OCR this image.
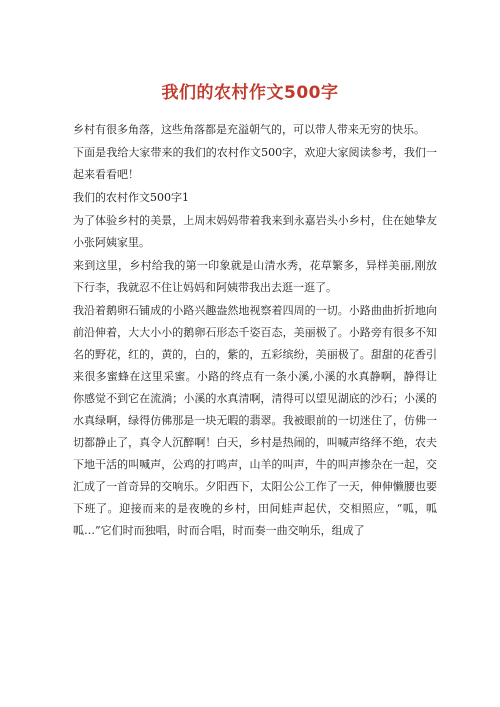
我们的农村作文500字

乡村有很多角落，这些角落都是充溢朝气的，可以带人带来无穷的快乐。

下面是我给大家带来的我们的农村作文500字，欢迎大家阅读参考，我们一起来看看吧！

我们的农村作文500字1

为了体验乡村的美景，上周末妈妈带着我来到永嘉岩头小乡村，住在她挚友小张阿姨家里。

来到这里，乡村给我的第一印象就是山清水秀，花草繁多，异样美丽,刚放下行李，我就忍不住让妈妈和阿姨带我出去逛一逛了。

我沿着鹅卵石铺成的小路兴趣盎然地视察着四周的一切。小路曲曲折折地向前沿伸着，大大小小的鹅卵石形态千姿百态，美丽极了。小路旁有很多不知名的野花，红的，黄的，白的，紫的，五彩缤纷，美丽极了。甜甜的花香引来很多蜜蜂在这里采蜜。小路的终点有一条小溪,小溪的水真静啊，静得让你感觉不到它在流淌；小溪的水真清啊，清得可以望见湖底的沙石；小溪的水真绿啊，绿得仿佛那是一块无暇的翡翠。我被眼前的一切迷住了，仿佛一切都静止了，真令人沉醉啊！白天，乡村是热闹的，叫喊声络绎不绝，农夫下地干活的叫喊声，公鸡的打鸣声，山羊的叫声，牛的叫声掺杂在一起，交汇成了一首奇异的交响乐。夕阳西下，太阳公公工作了一天，伸伸懒腰也要下班了。迎接而来的是夜晚的乡村，田间蛙声起伏，交相照应，“呱，呱呱…”它们时而独唱，时而合唱，时而奏一曲交响乐，组成了
